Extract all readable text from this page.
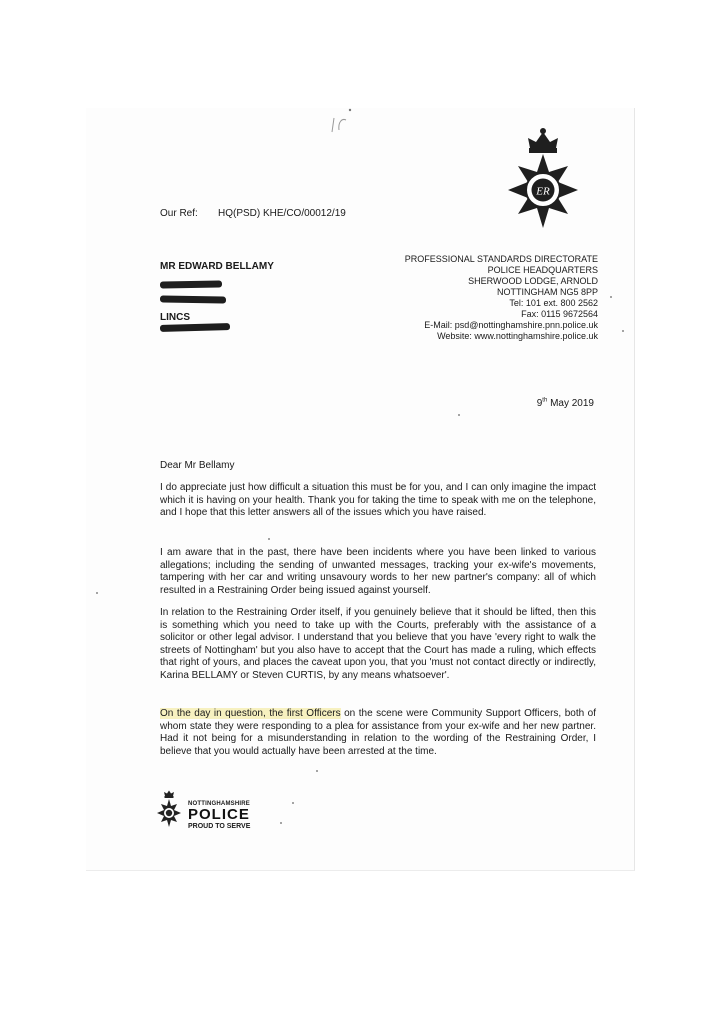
ER
Our Ref: HQ(PSD) KHE/CO/00012/19
MR EDWARD BELLAMY
LINCS
PROFESSIONAL STANDARDS DIRECTORATE
POLICE HEADQUARTERS
SHERWOOD LODGE, ARNOLD
NOTTINGHAM NG5 8PP
Tel: 101 ext. 800 2562
Fax: 0115 9672564
E-Mail: psd@nottinghamshire.pnn.police.uk
Website: www.nottinghamshire.police.uk
9th May 2019
Dear Mr Bellamy
I do appreciate just how difficult a situation this must be for you, and I can only imagine the impact which it is having on your health. Thank you for taking the time to speak with me on the telephone, and I hope that this letter answers all of the issues which you have raised.
I am aware that in the past, there have been incidents where you have been linked to various allegations; including the sending of unwanted messages, tracking your ex-wife's movements, tampering with her car and writing unsavoury words to her new partner's company: all of which resulted in a Restraining Order being issued against yourself.
In relation to the Restraining Order itself, if you genuinely believe that it should be lifted, then this is something which you need to take up with the Courts, preferably with the assistance of a solicitor or other legal advisor. I understand that you believe that you have 'every right to walk the streets of Nottingham' but you also have to accept that the Court has made a ruling, which effects that right of yours, and places the caveat upon you, that you 'must not contact directly or indirectly, Karina BELLAMY or Steven CURTIS, by any means whatsoever'.
On the day in question, the first Officers on the scene were Community Support Officers, both of whom state they were responding to a plea for assistance from your ex-wife and her new partner. Had it not being for a misunderstanding in relation to the wording of the Restraining Order, I believe that you would actually have been arrested at the time.
NOTTINGHAMSHIRE
POLICE
PROUD TO SERVE
